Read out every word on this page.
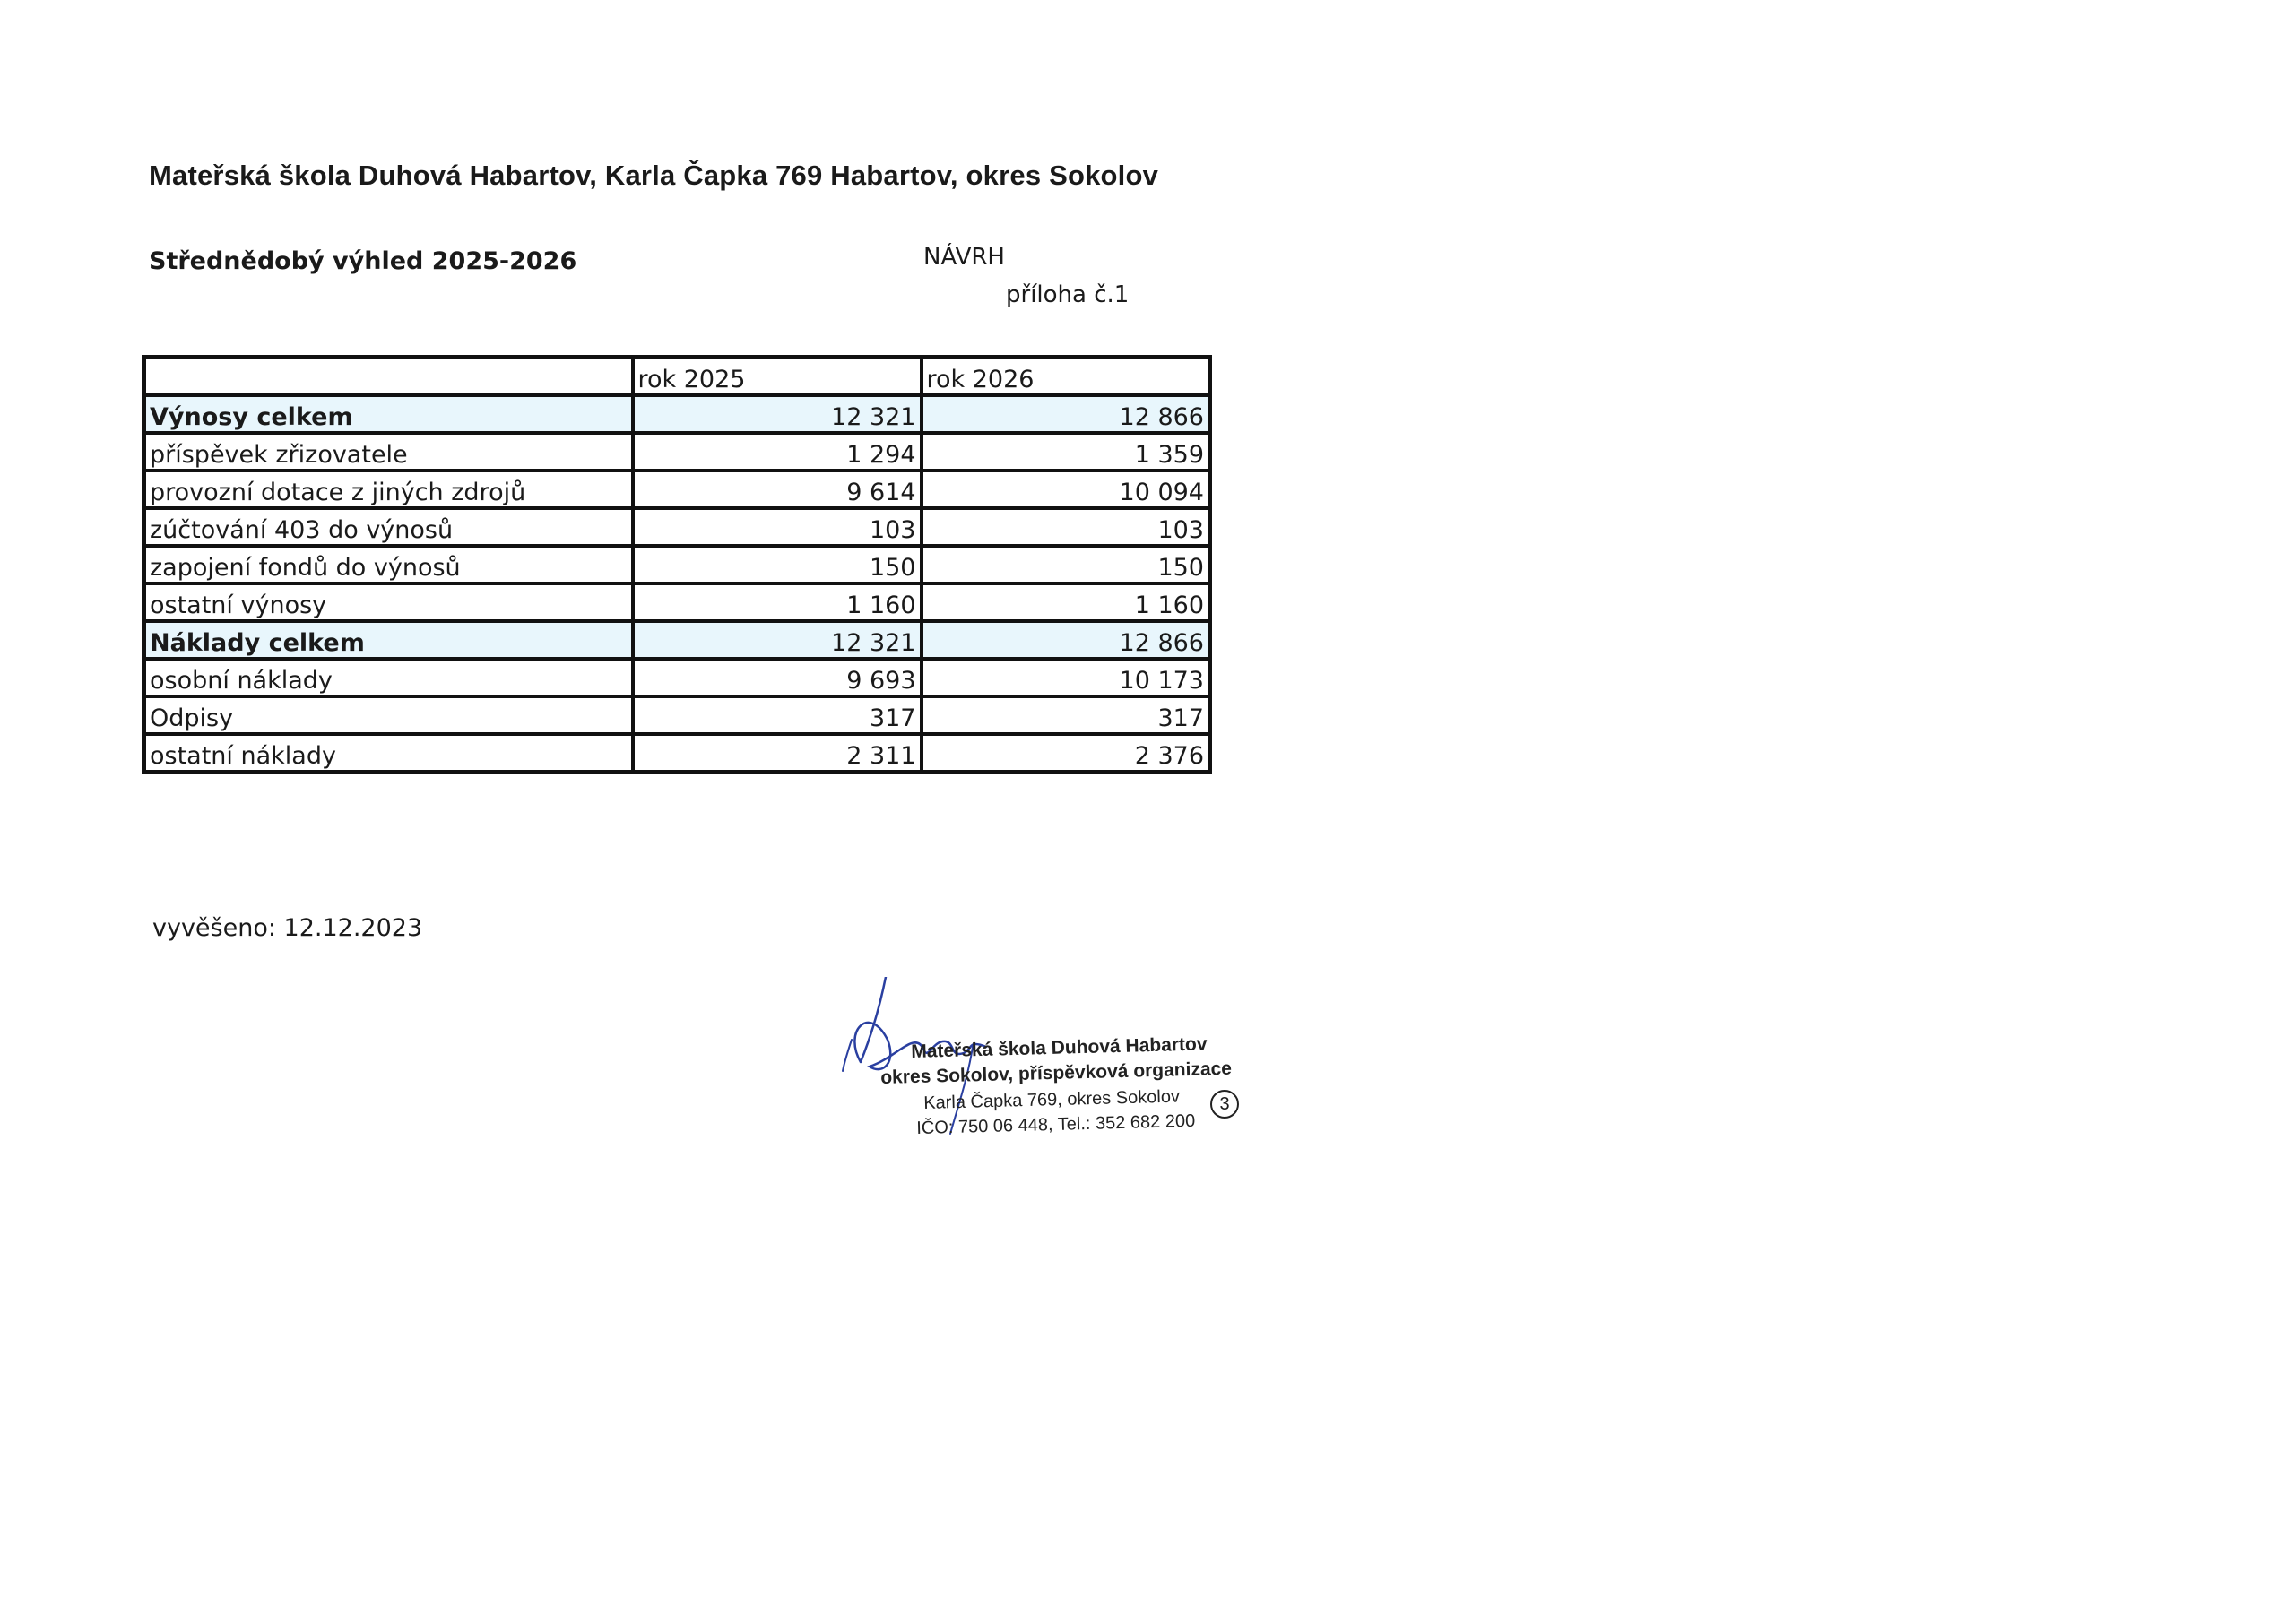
Mateřská škola Duhová Habartov, Karla Čapka 769 Habartov, okres Sokolov
Střednědobý výhled 2025-2026	NÁVRH
příloha č.1
	rok 2025	rok 2026
Výnosy celkem	12 321	12 866
příspěvek zřizovatele	1 294	1 359
provozní dotace z jiných zdrojů	9 614	10 094
zúčtování 403 do výnosů	103	103
zapojení fondů do výnosů	150	150
ostatní výnosy	1 160	1 160
Náklady celkem	12 321	12 866
osobní náklady	9 693	10 173
Odpisy	317	317
ostatní náklady	2 311	2 376
vyvěšeno: 12.12.2023
Mateřská škola Duhová Habartov
okres Sokolov, příspěvková organizace
Karla Čapka 769, okres Sokolov
IČO: 750 06 448, Tel.: 352 682 200
3
